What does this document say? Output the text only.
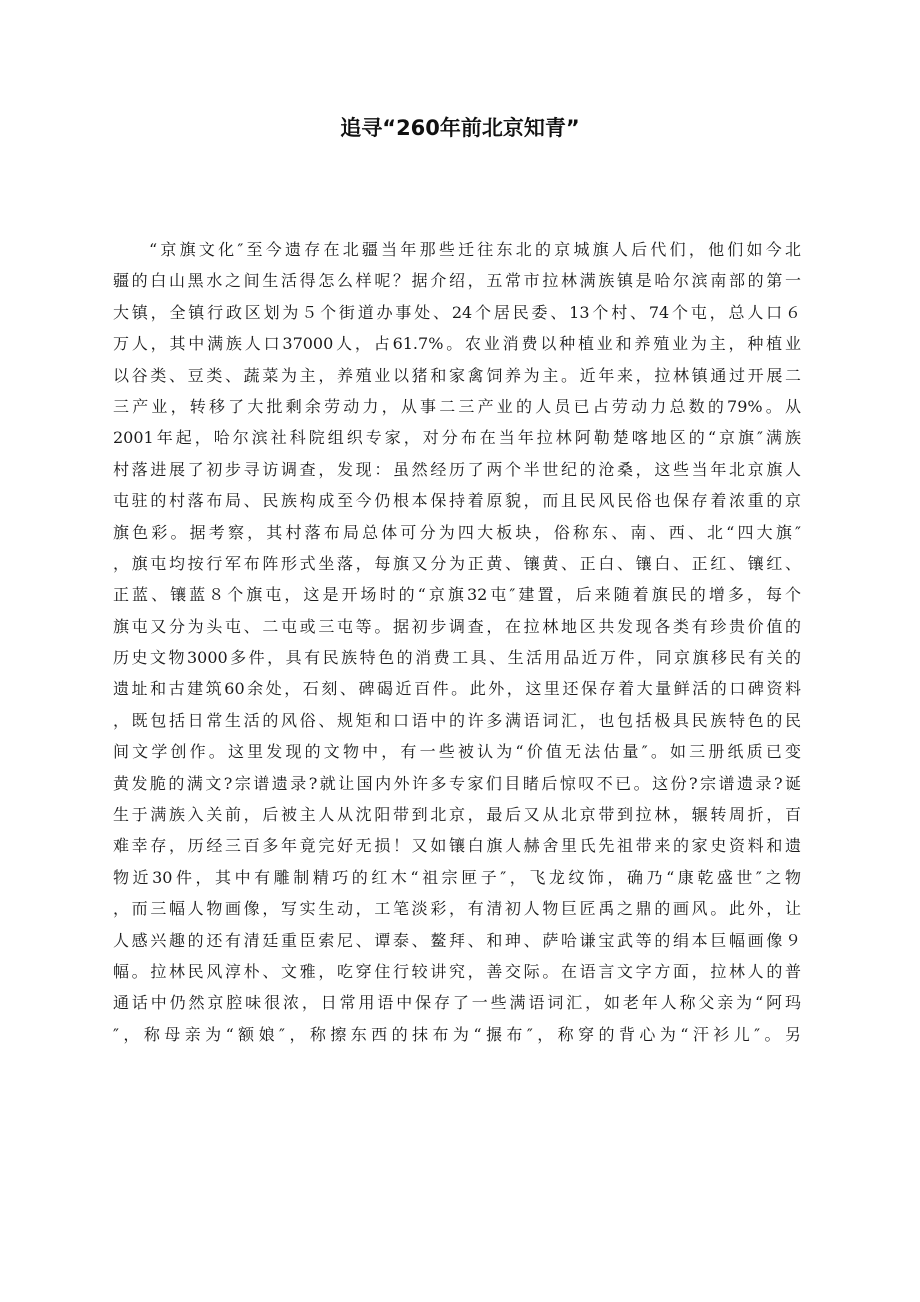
追寻“260年前北京知青”
“京旗文化″至今遗存在北疆当年那些迁往东北的京城旗人后代们，他们如今北
疆的白山黑水之间生活得怎么样呢？据介绍，五常市拉林满族镇是哈尔滨南部的第一
大镇，全镇行政区划为５个街道办事处、24个居民委、13个村、74个屯，总人口６
万人，其中满族人口37000人，占61.7%。农业消费以种植业和养殖业为主，种植业
以谷类、豆类、蔬菜为主，养殖业以猪和家禽饲养为主。近年来，拉林镇通过开展二
三产业，转移了大批剩余劳动力，从事二三产业的人员已占劳动力总数的79%。从
2001年起，哈尔滨社科院组织专家，对分布在当年拉林阿勒楚喀地区的“京旗″满族
村落进展了初步寻访调查，发现：虽然经历了两个半世纪的沧桑，这些当年北京旗人
屯驻的村落布局、民族构成至今仍根本保持着原貌，而且民风民俗也保存着浓重的京
旗色彩。据考察，其村落布局总体可分为四大板块，俗称东、南、西、北“四大旗″
，旗屯均按行军布阵形式坐落，每旗又分为正黄、镶黄、正白、镶白、正红、镶红、
正蓝、镶蓝８个旗屯，这是开场时的“京旗32屯″建置，后来随着旗民的增多，每个
旗屯又分为头屯、二屯或三屯等。据初步调查，在拉林地区共发现各类有珍贵价值的
历史文物3000多件，具有民族特色的消费工具、生活用品近万件，同京旗移民有关的
遗址和古建筑60余处，石刻、碑碣近百件。此外，这里还保存着大量鲜活的口碑资料
，既包括日常生活的风俗、规矩和口语中的许多满语词汇，也包括极具民族特色的民
间文学创作。这里发现的文物中，有一些被认为“价值无法估量″。如三册纸质已变
黄发脆的满文?宗谱遗录?就让国内外许多专家们目睹后惊叹不已。这份?宗谱遗录?诞
生于满族入关前，后被主人从沈阳带到北京，最后又从北京带到拉林，辗转周折，百
难幸存，历经三百多年竟完好无损！又如镶白旗人赫舍里氏先祖带来的家史资料和遗
物近30件，其中有雕制精巧的红木“祖宗匣子″，飞龙纹饰，确乃“康乾盛世″之物
，而三幅人物画像，写实生动，工笔淡彩，有清初人物巨匠禹之鼎的画风。此外，让
人感兴趣的还有清廷重臣索尼、谭泰、鳌拜、和珅、萨哈谦宝武等的绢本巨幅画像９
幅。拉林民风淳朴、文雅，吃穿住行较讲究，善交际。在语言文字方面，拉林人的普
通话中仍然京腔味很浓，日常用语中保存了一些满语词汇，如老年人称父亲为“阿玛
″，称母亲为“额娘″，称擦东西的抹布为“搌布″，称穿的背心为“汗衫儿″。另
